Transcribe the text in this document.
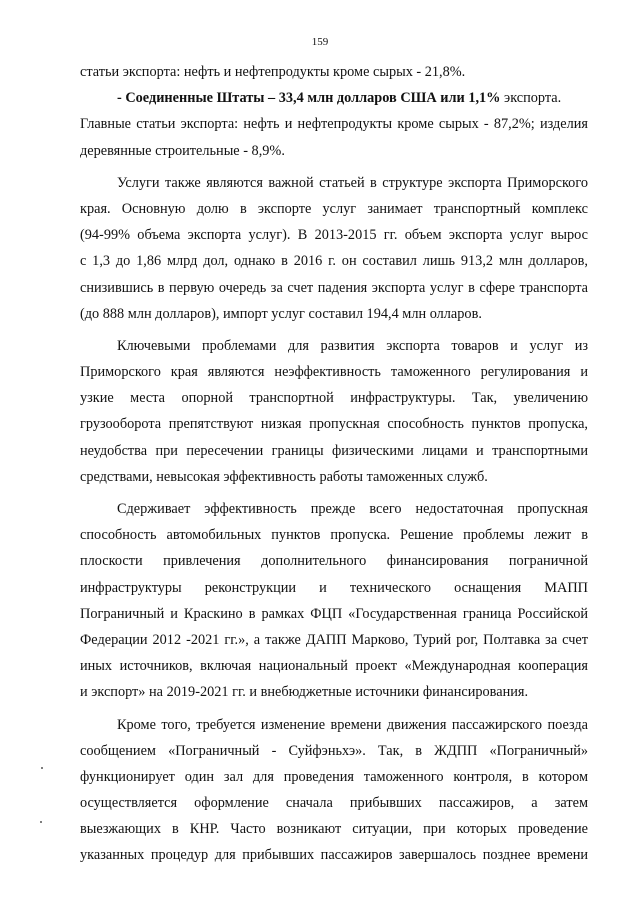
159
статьи экспорта: нефть и нефтепродукты кроме сырых - 21,8%.
- Соединенные Штаты – 33,4 млн долларов США или 1,1% экспорта.
Главные статьи экспорта: нефть и нефтепродукты кроме сырых - 87,2%; изделия
деревянные строительные - 8,9%.
Услуги также являются важной статьей в структуре экспорта Приморского
края. Основную долю в экспорте услуг занимает транспортный комплекс
(94-99% объема экспорта услуг). В 2013-2015 гг. объем экспорта услуг вырос
с 1,3 до 1,86 млрд дол, однако в 2016 г. он составил лишь 913,2 млн долларов,
снизившись в первую очередь за счет падения экспорта услуг в сфере транспорта
(до 888 млн долларов), импорт услуг составил 194,4 млн олларов.
Ключевыми проблемами для развития экспорта товаров и услуг из
Приморского края являются неэффективность таможенного регулирования и
узкие места опорной транспортной инфраструктуры. Так, увеличению
грузооборота препятствуют низкая пропускная способность пунктов пропуска,
неудобства при пересечении границы физическими лицами и транспортными
средствами, невысокая эффективность работы таможенных служб.
Сдерживает эффективность прежде всего недостаточная пропускная
способность автомобильных пунктов пропуска. Решение проблемы лежит в
плоскости привлечения дополнительного финансирования пограничной
инфраструктуры реконструкции и технического оснащения МАПП
Пограничный и Краскино в рамках ФЦП «Государственная граница Российской
Федерации 2012 -2021 гг.», а также ДАПП Марково, Турий рог, Полтавка за счет
иных источников, включая национальный проект «Международная кооперация
и экспорт» на 2019-2021 гг. и внебюджетные источники финансирования.
Кроме того, требуется изменение времени движения пассажирского поезда
сообщением «Пограничный - Суйфэньхэ». Так, в ЖДПП «Пограничный»
функционирует один зал для проведения таможенного контроля, в котором
осуществляется оформление сначала прибывших пассажиров, а затем
выезжающих в КНР. Часто возникают ситуации, при которых проведение
указанных процедур для прибывших пассажиров завершалось позднее времени
